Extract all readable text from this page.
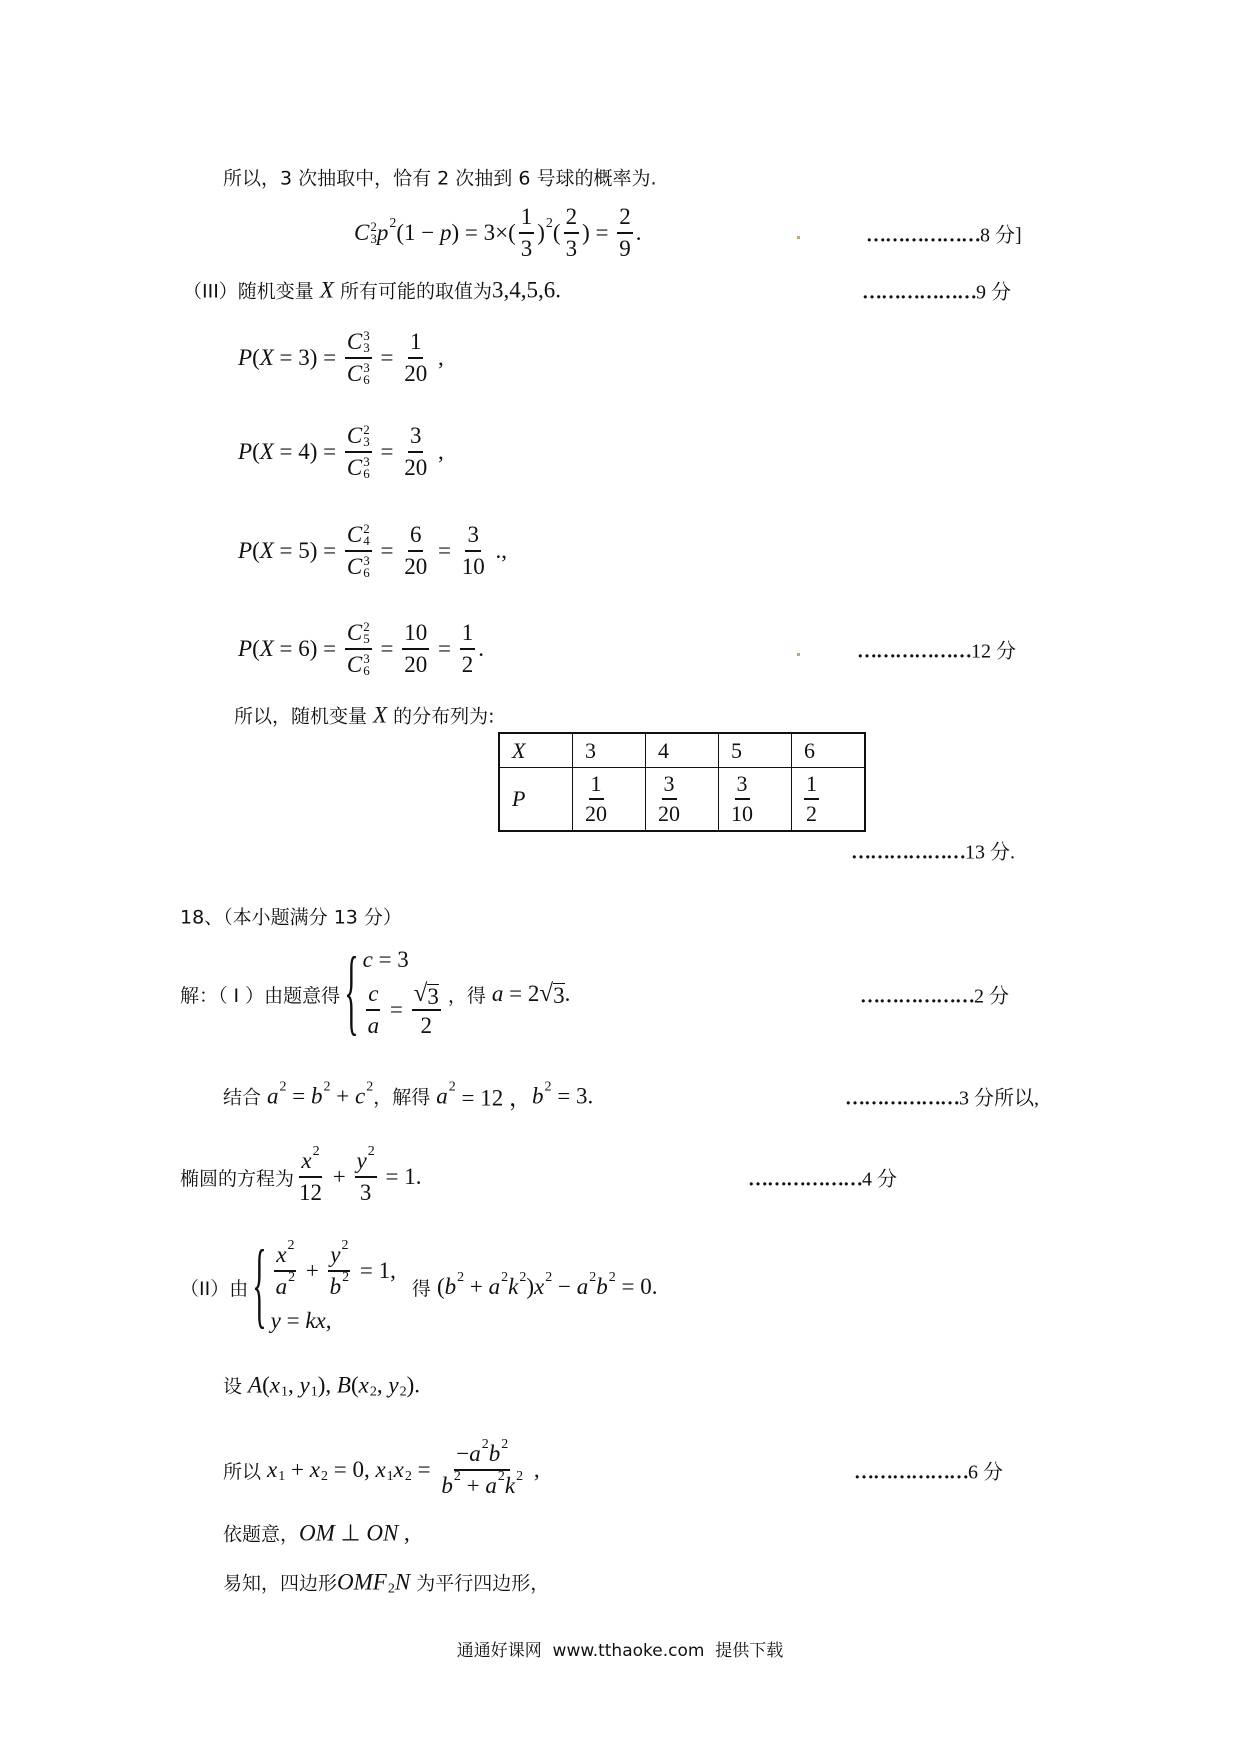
所以，3 次抽取中，恰有 2 次抽到 6 号球的概率为.
C 2
3 p 2 (1 − p ) = $3\times( \frac{1}{3}$ ) 2 ( $\frac{2}{3}$ ) = $\frac{2}{9}$ .	………………8 分]
（III）随机变量 X 所有可能的取值为 3,4,5,6.	………………9 分
P ( X = 3) = C 3
3
C 3
$6 = \frac{1}{20}$ ,
P ( X = 4) = C 2
3
C 3
$6 = \frac{3}{20}$ ,
P ( X = 5) = C 2
4
C 3
$6 = \frac{6}{20} = \frac{3}{10}$ .,
P ( X = 6) = C 2
5
C 3
$6 = \frac{10}{20} = \frac{1}{2}$ .	………………12 分
所以，随机变量 X 的分布列为:
X	3	4	5	6
P	$\frac{1}{20}$	$\frac{3}{20}$	$\frac{3}{10}$	$\frac{1}{2}$
………………13 分.
18、（本小题满分 13 分）
解：（ I ）由题意得 { c = 3
$\frac{c}{a} = \frac{√ 3}{2}$ ，得 a = 2 √ 3 .	………………2 分
结合 a 2 = b 2 + c 2 ，解得 a 2 = 12 ， b 2 = 3.	………………3 分所以,
椭圆的方程为 $\frac{x 2}{12} + \frac{y 2}{3} = 1$.	………………4 分
（II）由 { $\frac{x 2}{a 2} + \frac{y 2}{b 2} = 1$,
y = kx ,
得 ( b 2 + a 2 k 2 ) x 2 − a 2 b 2 = 0.
设 A ( x 1 , y 1 ), B ( x 2 , y 2 ).
所以 x 1 + x 2 = 0, x 1 x $2 = \frac{- a 2 b 2}{b 2 + a 2 k 2}$ ,	………………6 分
依题意， OM ⊥ ON ,
易知，四边形 OMF 2 N 为平行四边形，
通通好课网  www.tthaoke.com  提供下载
